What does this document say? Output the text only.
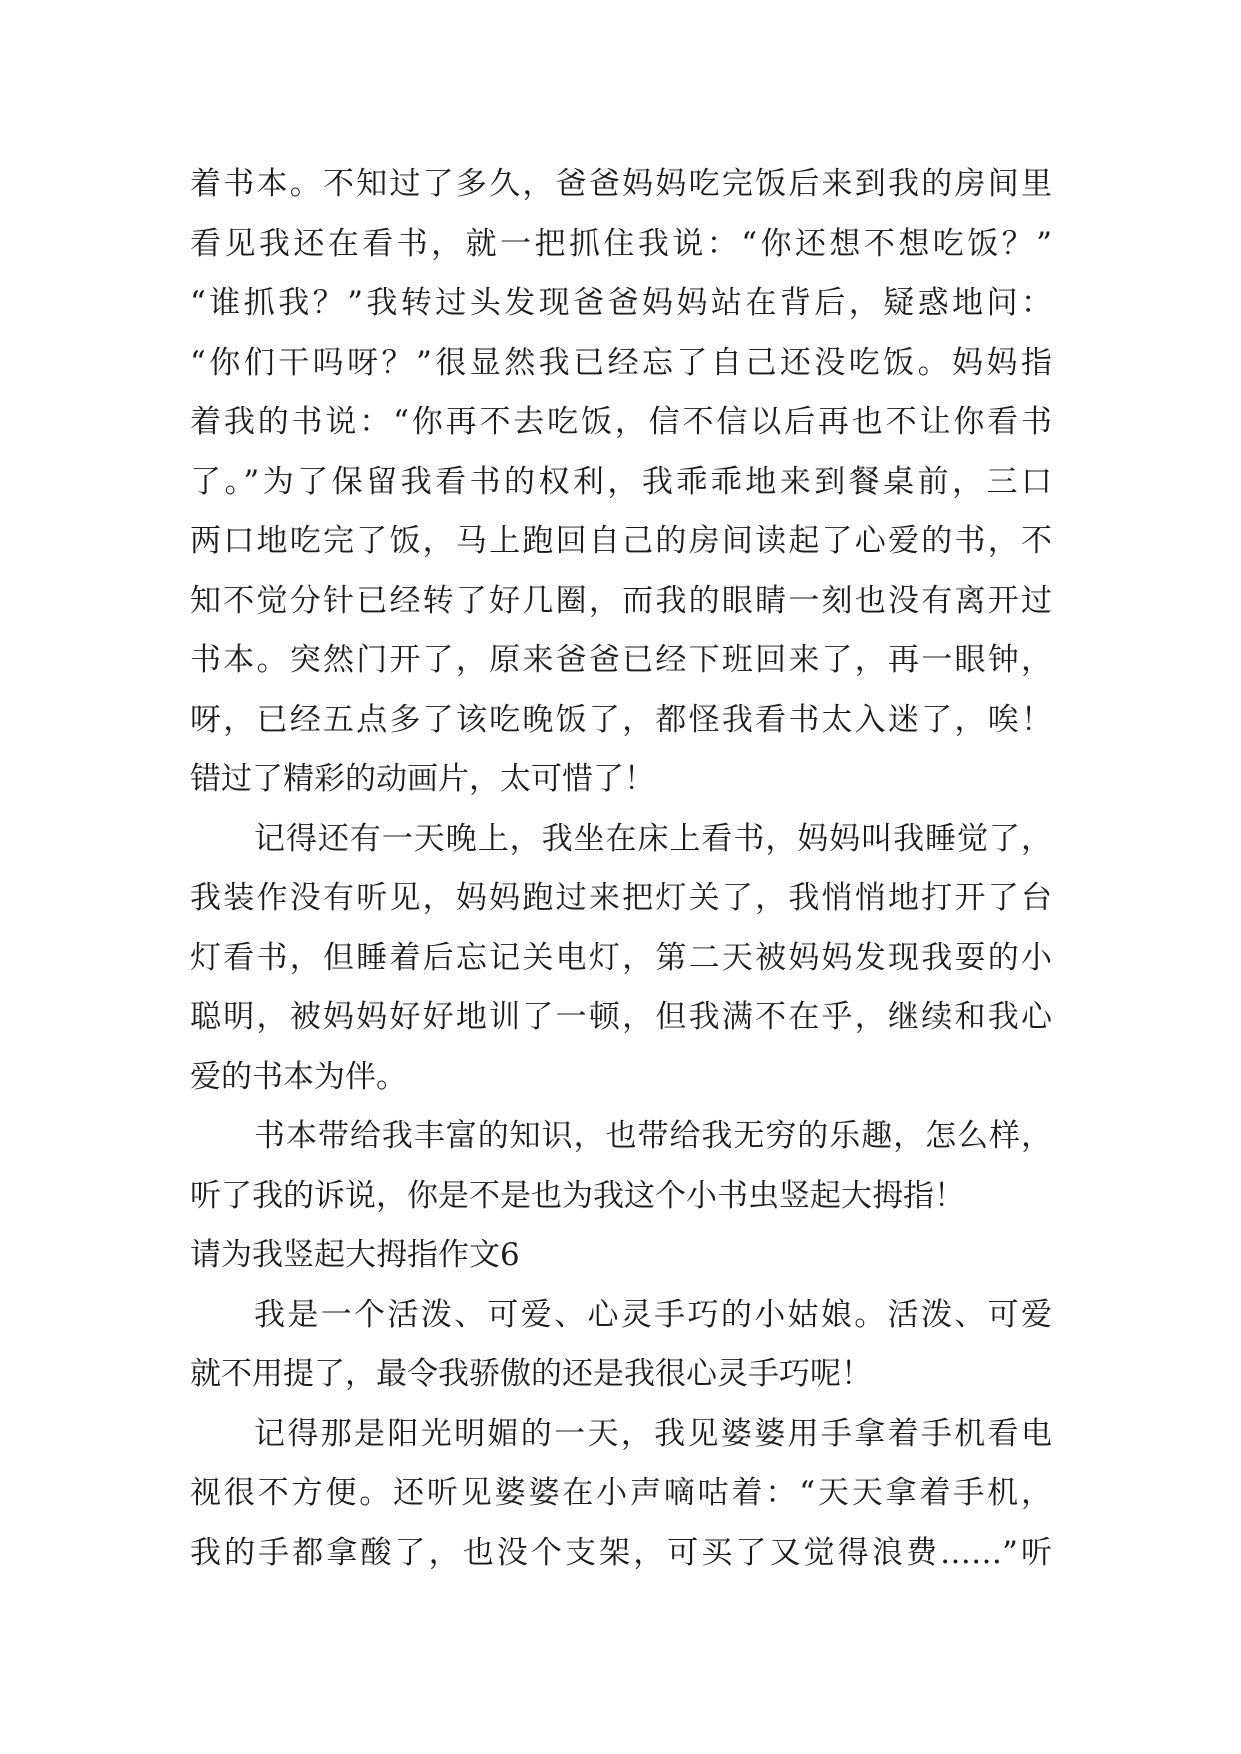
着书本。不知过了多久，爸爸妈妈吃完饭后来到我的房间里
看见我还在看书，就一把抓住我说：“你还想不想吃饭？”
“谁抓我？”我转过头发现爸爸妈妈站在背后，疑惑地问：
“你们干吗呀？”很显然我已经忘了自己还没吃饭。妈妈指
着我的书说：“你再不去吃饭，信不信以后再也不让你看书
了。”为了保留我看书的权利，我乖乖地来到餐桌前，三口
两口地吃完了饭，马上跑回自己的房间读起了心爱的书，不
知不觉分针已经转了好几圈，而我的眼睛一刻也没有离开过
书本。突然门开了，原来爸爸已经下班回来了，再一眼钟，
呀，已经五点多了该吃晚饭了，都怪我看书太入迷了，唉！
错过了精彩的动画片，太可惜了！
记得还有一天晚上，我坐在床上看书，妈妈叫我睡觉了，
我装作没有听见，妈妈跑过来把灯关了，我悄悄地打开了台
灯看书，但睡着后忘记关电灯，第二天被妈妈发现我耍的小
聪明，被妈妈好好地训了一顿，但我满不在乎，继续和我心
爱的书本为伴。
书本带给我丰富的知识，也带给我无穷的乐趣，怎么样，
听了我的诉说，你是不是也为我这个小书虫竖起大拇指！
请为我竖起大拇指作文6
我是一个活泼、可爱、心灵手巧的小姑娘。活泼、可爱
就不用提了，最令我骄傲的还是我很心灵手巧呢！
记得那是阳光明媚的一天，我见婆婆用手拿着手机看电
视很不方便。还听见婆婆在小声嘀咕着：“天天拿着手机，
我的手都拿酸了，也没个支架，可买了又觉得浪费……”听
